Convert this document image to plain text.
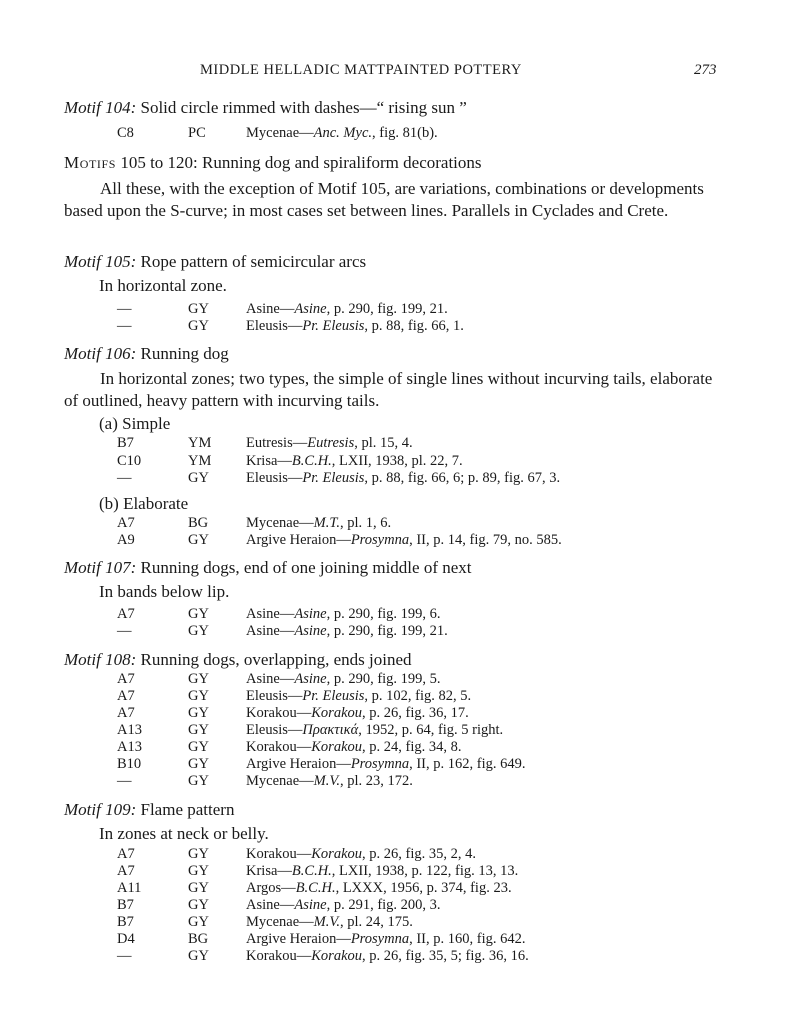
MIDDLE HELLADIC MATTPAINTED POTTERY	273
Motif 104: Solid circle rimmed with dashes—“ rising sun ”
C8	PC	Mycenae—Anc. Myc., fig. 81(b).
Motifs 105 to 120: Running dog and spiraliform decorations
All these, with the exception of Motif 105, are variations, combinations or developments based upon the S-curve; in most cases set between lines. Parallels in Cyclades and Crete.
Motif 105: Rope pattern of semicircular arcs
In horizontal zone.
—	GY	Asine—Asine, p. 290, fig. 199, 21.
—	GY	Eleusis—Pr. Eleusis, p. 88, fig. 66, 1.
Motif 106: Running dog
In horizontal zones; two types, the simple of single lines without incurving tails, elaborate of outlined, heavy pattern with incurving tails.
(a) Simple
B7	YM	Eutresis—Eutresis, pl. 15, 4.
C10	YM	Krisa—B.C.H., LXII, 1938, pl. 22, 7.
—	GY	Eleusis—Pr. Eleusis, p. 88, fig. 66, 6; p. 89, fig. 67, 3.
(b) Elaborate
A7	BG	Mycenae—M.T., pl. 1, 6.
A9	GY	Argive Heraion—Prosymna, II, p. 14, fig. 79, no. 585.
Motif 107: Running dogs, end of one joining middle of next
In bands below lip.
A7	GY	Asine—Asine, p. 290, fig. 199, 6.
—	GY	Asine—Asine, p. 290, fig. 199, 21.
Motif 108: Running dogs, overlapping, ends joined
A7	GY	Asine—Asine, p. 290, fig. 199, 5.
A7	GY	Eleusis—Pr. Eleusis, p. 102, fig. 82, 5.
A7	GY	Korakou—Korakou, p. 26, fig. 36, 17.
A13	GY	Eleusis—Πρακτικά, 1952, p. 64, fig. 5 right.
A13	GY	Korakou—Korakou, p. 24, fig. 34, 8.
B10	GY	Argive Heraion—Prosymna, II, p. 162, fig. 649.
—	GY	Mycenae—M.V., pl. 23, 172.
Motif 109: Flame pattern
In zones at neck or belly.
A7	GY	Korakou—Korakou, p. 26, fig. 35, 2, 4.
A7	GY	Krisa—B.C.H., LXII, 1938, p. 122, fig. 13, 13.
A11	GY	Argos—B.C.H., LXXX, 1956, p. 374, fig. 23.
B7	GY	Asine—Asine, p. 291, fig. 200, 3.
B7	GY	Mycenae—M.V., pl. 24, 175.
D4	BG	Argive Heraion—Prosymna, II, p. 160, fig. 642.
—	GY	Korakou—Korakou, p. 26, fig. 35, 5; fig. 36, 16.
